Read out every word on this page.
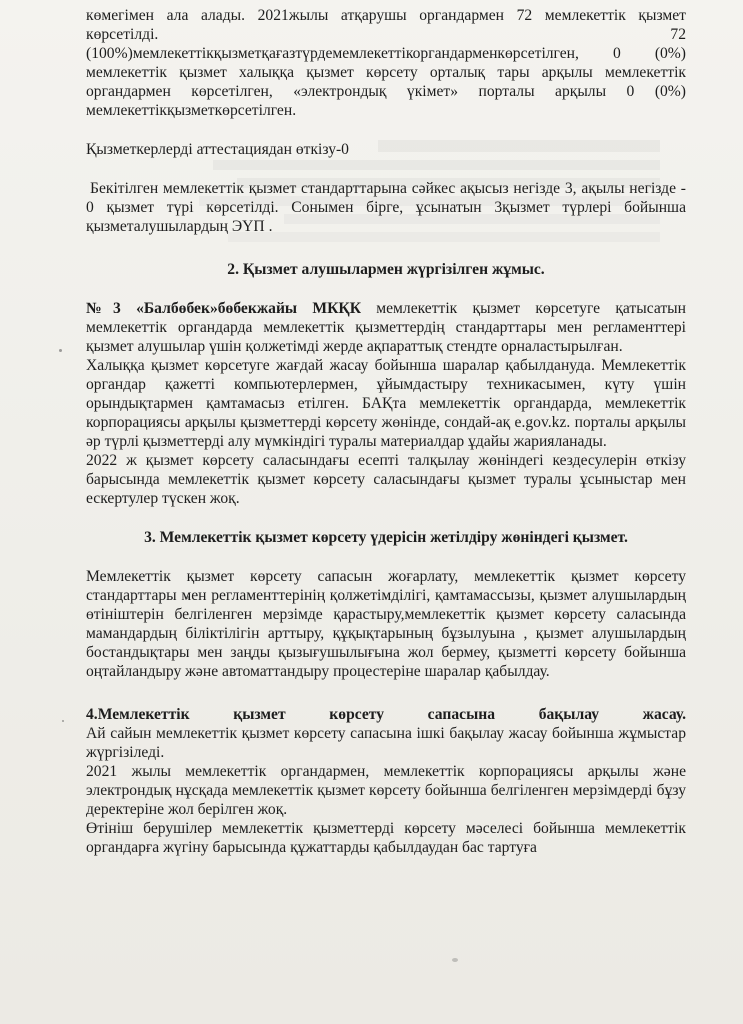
көмегімен ала алады. 2021жылы атқарушы органдармен 72 мемлекеттік қызмет

көрсетілді.	72

(100%)мемлекеттікқызметқағазтүрдемемлекеттікоргандарменкөрсетілген, 0 (0%) мемлекеттік қызмет халыққа қызмет көрсету орталық тары арқылы мемлекеттік органдармен көрсетілген, «электрондық үкімет» порталы арқылы 0 (0%) мемлекеттікқызметкөрсетілген.

Қызметкерлерді аттестациядан өткізу-0

Бекітілген мемлекеттік қызмет стандарттарына сәйкес ақысыз негізде 3, ақылы негізде - 0 қызмет түрі көрсетілді. Сонымен бірге, ұсынатын 3қызмет түрлері бойынша қызметалушылардың ЭҮП .

2. Қызмет алушылармен жүргізілген жұмыс.

№3 «Балбөбек»бөбекжайы МКҚК мемлекеттік қызмет көрсетуге қатысатын мемлекеттік органдарда мемлекеттік қызметтердің стандарттары мен регламенттері қызмет алушылар үшін қолжетімді жерде ақпараттық стендте орналастырылған.

Халыққа қызмет көрсетуге жағдай жасау бойынша шаралар қабылдануда. Мемлекеттік органдар қажетті компьютерлермен, ұйымдастыру техникасымен, күту үшін орындықтармен қамтамасыз етілген. БАҚта мемлекеттік органдарда, мемлекеттік корпорациясы арқылы қызметтерді көрсету жөнінде, сондай-ақ e.gov.kz. порталы арқылы әр түрлі қызметтерді алу мүмкіндігі туралы материалдар ұдайы жарияланады.

2022 ж қызмет көрсету саласындағы есепті талқылау жөніндегі кездесулерін өткізу барысында мемлекеттік қызмет көрсету саласындағы қызмет туралы ұсыныстар мен ескертулер түскен жоқ.

3. Мемлекеттік қызмет көрсету үдерісін жетілдіру жөніндегі қызмет.

Мемлекеттік қызмет көрсету сапасын жоғарлату, мемлекеттік қызмет көрсету стандарттары мен регламенттерінің қолжетімділігі, қамтамассызы, қызмет алушылардың өтініштерін белгіленген мерзімде қарастыру,мемлекеттік қызмет көрсету саласында мамандардың біліктілігін арттыру, құқықтарының бұзылуына , қызмет алушылардың бостандықтары мен заңды қызығушылығына жол бермеу, қызметті көрсету бойынша оңтайландыру және автоматтандыру процестеріне шаралар қабылдау.

4.Мемлекеттік қызмет көрсету сапасына бақылау жасау.

Ай сайын мемлекеттік қызмет көрсету сапасына ішкі бақылау жасау бойынша жұмыстар жүргізіледі.

2021 жылы мемлекеттік органдармен, мемлекеттік корпорациясы арқылы және электрондық нұсқада мемлекеттік қызмет көрсету бойынша белгіленген мерзімдерді бұзу деректеріне жол берілген жоқ.

Өтініш берушілер мемлекеттік қызметтерді көрсету мәселесі бойынша мемлекеттік органдарға жүгіну барысында құжаттарды қабылдаудан бас тартуға
